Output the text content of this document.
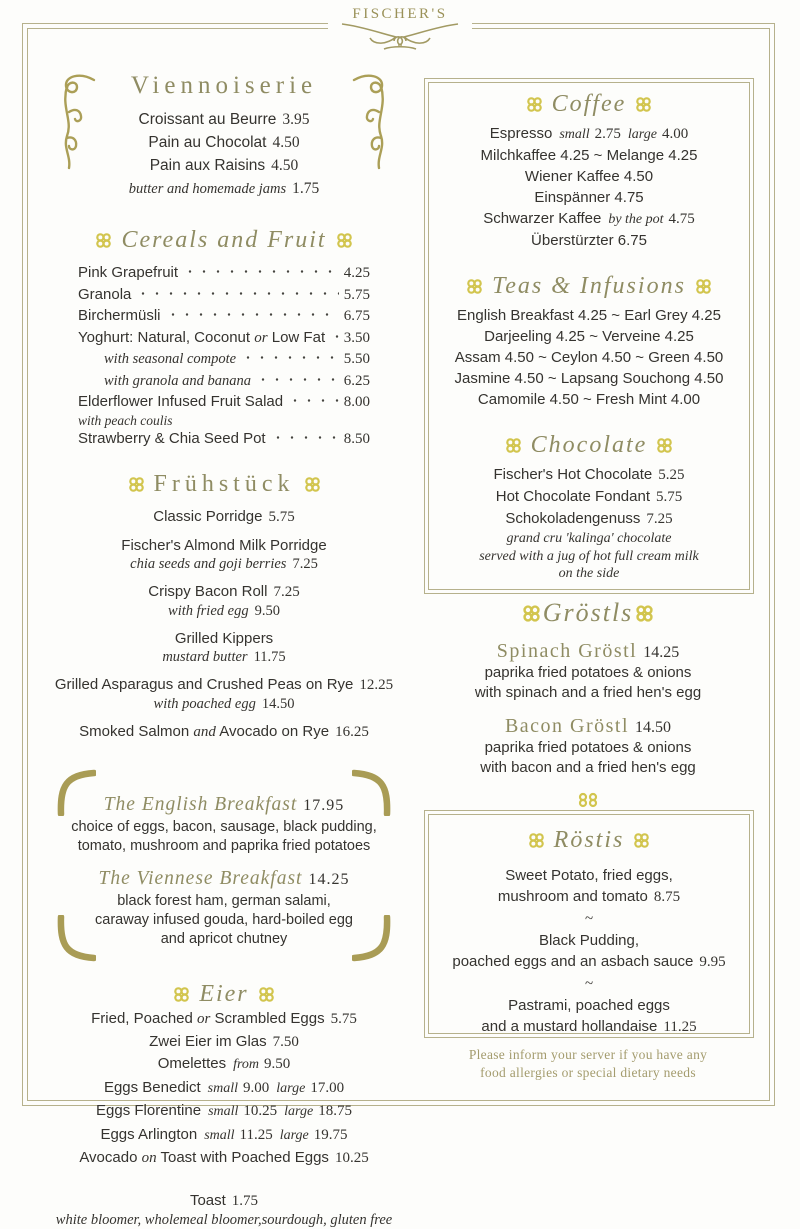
FISCHER'S
Viennoiserie
Croissant au Beurre 3.95
Pain au Chocolat 4.50
Pain aux Raisins 4.50
butter and homemade jams 1.75
Cereals and Fruit
Pink Grapefruit	4.25
Granola	5.75
Birchermüsli	6.75
Yoghurt: Natural, Coconut or Low Fat 3.50
with seasonal compote	5.50
with granola and banana	6.25
Elderflower Infused Fruit Salad	8.00
with peach coulis
Strawberry & Chia Seed Pot	8.50
Frühstück
Classic Porridge 5.75
Fischer's Almond Milk Porridge
chia seeds and goji berries 7.25
Crispy Bacon Roll 7.25
with fried egg 9.50
Grilled Kippers
mustard butter 11.75
Grilled Asparagus and Crushed Peas on Rye 12.25
with poached egg 14.50
Smoked Salmon and Avocado on Rye 16.25
The English Breakfast 17.95
choice of eggs, bacon, sausage, black pudding,
tomato, mushroom and paprika fried potatoes
The Viennese Breakfast 14.25
black forest ham, german salami,
caraway infused gouda, hard-boiled egg
and apricot chutney
Eier
Fried, Poached or Scrambled Eggs 5.75
Zwei Eier im Glas 7.50
Omelettes from 9.50
Eggs Benedict small 9.00 large 17.00
Eggs Florentine small 10.25 large 18.75
Eggs Arlington small 11.25 large 19.75
Avocado on Toast with Poached Eggs 10.25
Toast 1.75
white bloomer, wholemeal bloomer,sourdough, gluten free
Coffee
Espresso small 2.75 large 4.00
Milchkaffee 4.25 ~ Melange 4.25
Wiener Kaffee 4.50
Einspänner 4.75
Schwarzer Kaffee by the pot 4.75
Überstürzter 6.75
Teas & Infusions
English Breakfast 4.25 ~ Earl Grey 4.25
Darjeeling 4.25 ~ Verveine 4.25
Assam 4.50 ~ Ceylon 4.50 ~ Green 4.50
Jasmine 4.50 ~ Lapsang Souchong 4.50
Camomile 4.50 ~ Fresh Mint 4.00
Chocolate
Fischer's Hot Chocolate 5.25
Hot Chocolate Fondant 5.75
Schokoladengenuss 7.25
grand cru 'kalinga' chocolate
served with a jug of hot full cream milk
on the side
Gröstls
Spinach Gröstl 14.25
paprika fried potatoes & onions
with spinach and a fried hen's egg
Bacon Gröstl 14.50
paprika fried potatoes & onions
with bacon and a fried hen's egg
Röstis
Sweet Potato, fried eggs,
mushroom and tomato 8.75
~
Black Pudding,
poached eggs and an asbach sauce 9.95
~
Pastrami, poached eggs
and a mustard hollandaise 11.25
Please inform your server if you have any
food allergies or special dietary needs
